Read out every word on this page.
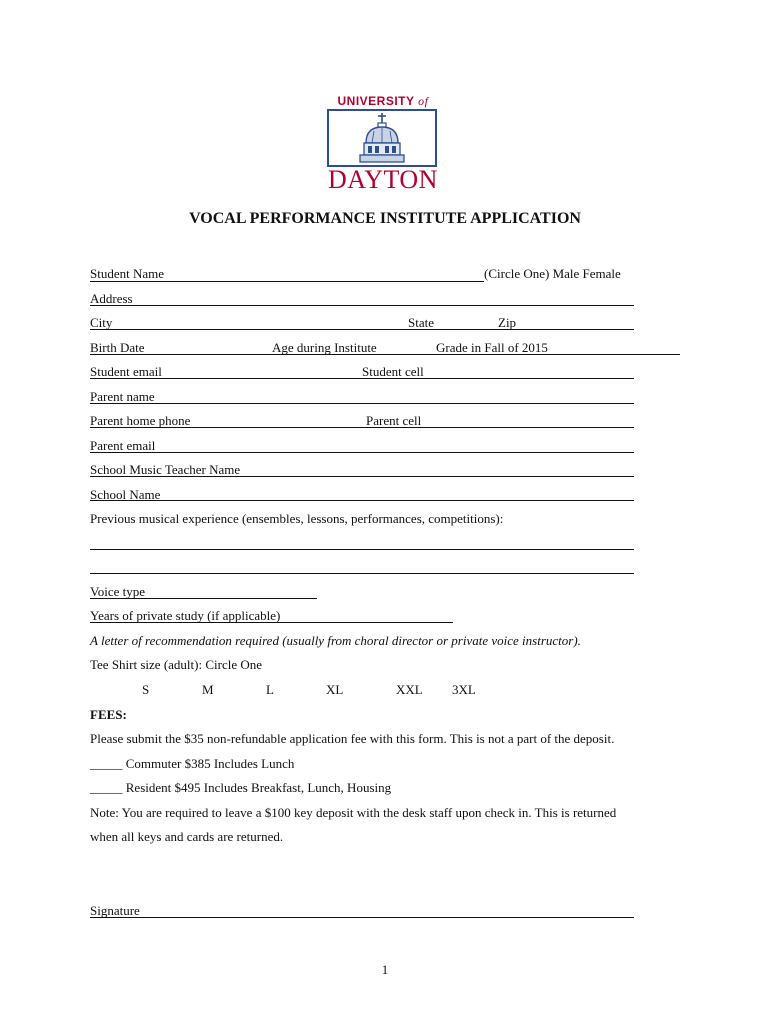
UNIVERSITY of
DAYTON
VOCAL PERFORMANCE INSTITUTE APPLICATION
Student Name	(Circle One) Male Female
Address
City	State	Zip
Birth Date	Age during Institute	Grade in Fall of 2015
Student email	Student cell
Parent name
Parent home phone	Parent cell
Parent email
School Music Teacher Name
School Name
Previous musical experience (ensembles, lessons, performances, competitions):
Voice type
Years of private study (if applicable)
A letter of recommendation required (usually from choral director or private voice instructor).
Tee Shirt size (adult): Circle One
S	M	L	XL	XXL 3XL
FEES:
Please submit the $35 non-refundable application fee with this form. This is not a part of the deposit.
_____ Commuter $385 Includes Lunch
_____ Resident $495 Includes Breakfast, Lunch, Housing
Note: You are required to leave a $100 key deposit with the desk staff upon check in. This is returned
when all keys and cards are returned.
Signature
1
